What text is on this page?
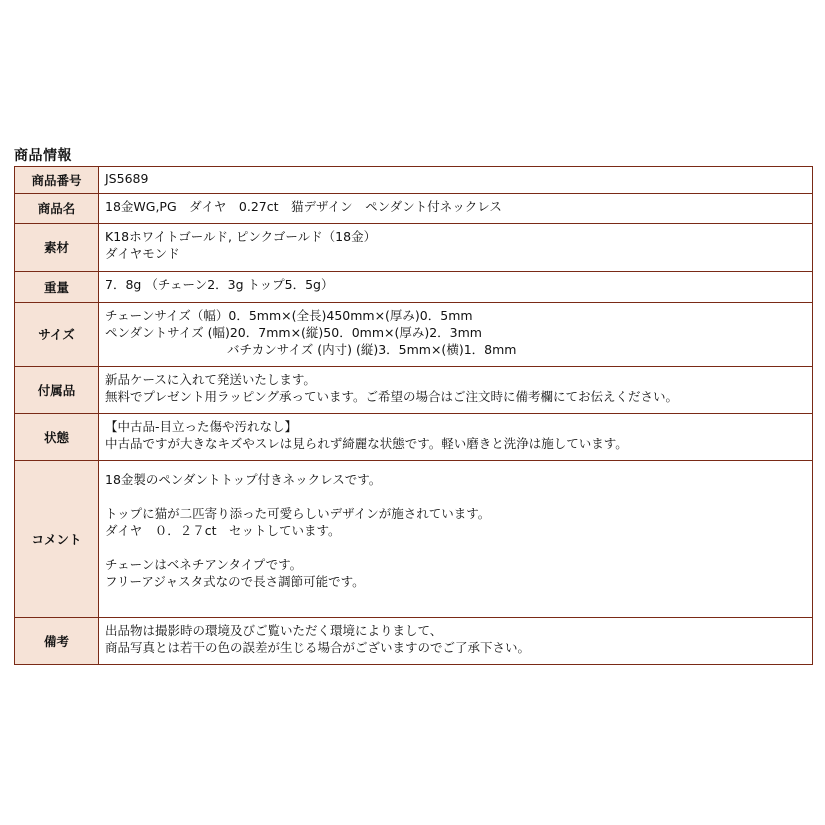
商品情報
商品番号	JS5689

商品名	18金WG,PG　ダイヤ　0.27ct　猫デザイン　ペンダント付ネックレス

素材	K18ホワイトゴールド, ピンクゴールド（18金）
ダイヤモンド

重量	7．8g （チェーン2．3g トップ5．5g）

サイズ	チェーンサイズ（幅）0．5mm×(全長)450mm×(厚み)0．5mm
ペンダントサイズ (幅)20．7mm×(縦)50．0mm×(厚み)2．3mm
バチカンサイズ (内寸) (縦)3．5mm×(横)1．8mm

付属品	新品ケースに入れて発送いたします。
無料でプレゼント用ラッピング承っています。ご希望の場合はご注文時に備考欄にてお伝えください。

状態	【中古品-目立った傷や汚れなし】
中古品ですが大きなキズやスレは見られず綺麗な状態です。軽い磨きと洗浄は施しています。

コメント	18金製のペンダントトップ付きネックレスです。
トップに猫が二匹寄り添った可愛らしいデザインが施されています。
ダイヤ　０．２７ct　セットしています。
チェーンはベネチアンタイプです。
フリーアジャスタ式なので長さ調節可能です。

備考	出品物は撮影時の環境及びご覧いただく環境によりまして、
商品写真とは若干の色の誤差が生じる場合がございますのでご了承下さい。
